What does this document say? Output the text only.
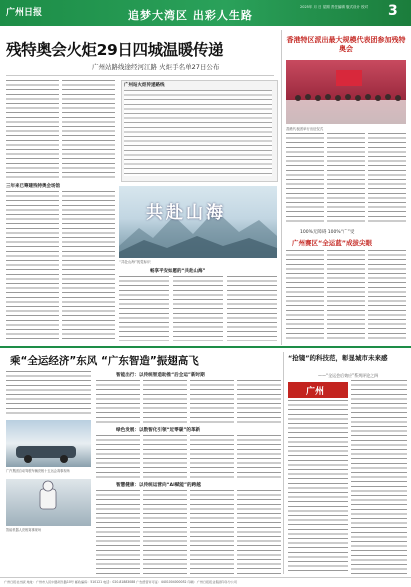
广州日报	追梦大湾区 出彩人生路
2025年 月 日 星期 责任编辑 版式设计 校对	3
残特奥会火炬29日四城温暖传递
广州站路线途经河江路 火炬手名单27日公布
广州站火炬传递路线
三年来已筹建残特奥会场馆
共赴山海
“共赴山海”视觉标识
畅享平安如愿的“共赴山海”
香港特区派出最大规模代表团参加残特奥会
香港代表团举行出征仪式
100%无障碍 100%“广”受
广州赛区“全运蓝”成拔尖眼
乘“全运经济”东风 “广东智造”振翅高飞
广汽集团自动驾驶车辆亮相十五运会赛事现场
智能机器人亮相赛事现场
智能出行：以传统智造助推“后全运”新时期
绿色发展：以数智化引领“近零碳”的革新
智慧健康：以传统运营向“AI赋能”的跨越
“抢镜”的科技范，彰显城市未来感
——“全运会后效应”系列评论之四
广州
广州日报社出版 地址：广州市人民中路同乐路10号 邮政编码：510121 电话：020-81883088 广告经营许可证：4401004000052 印刷：广州日报报业集团印务分公司
